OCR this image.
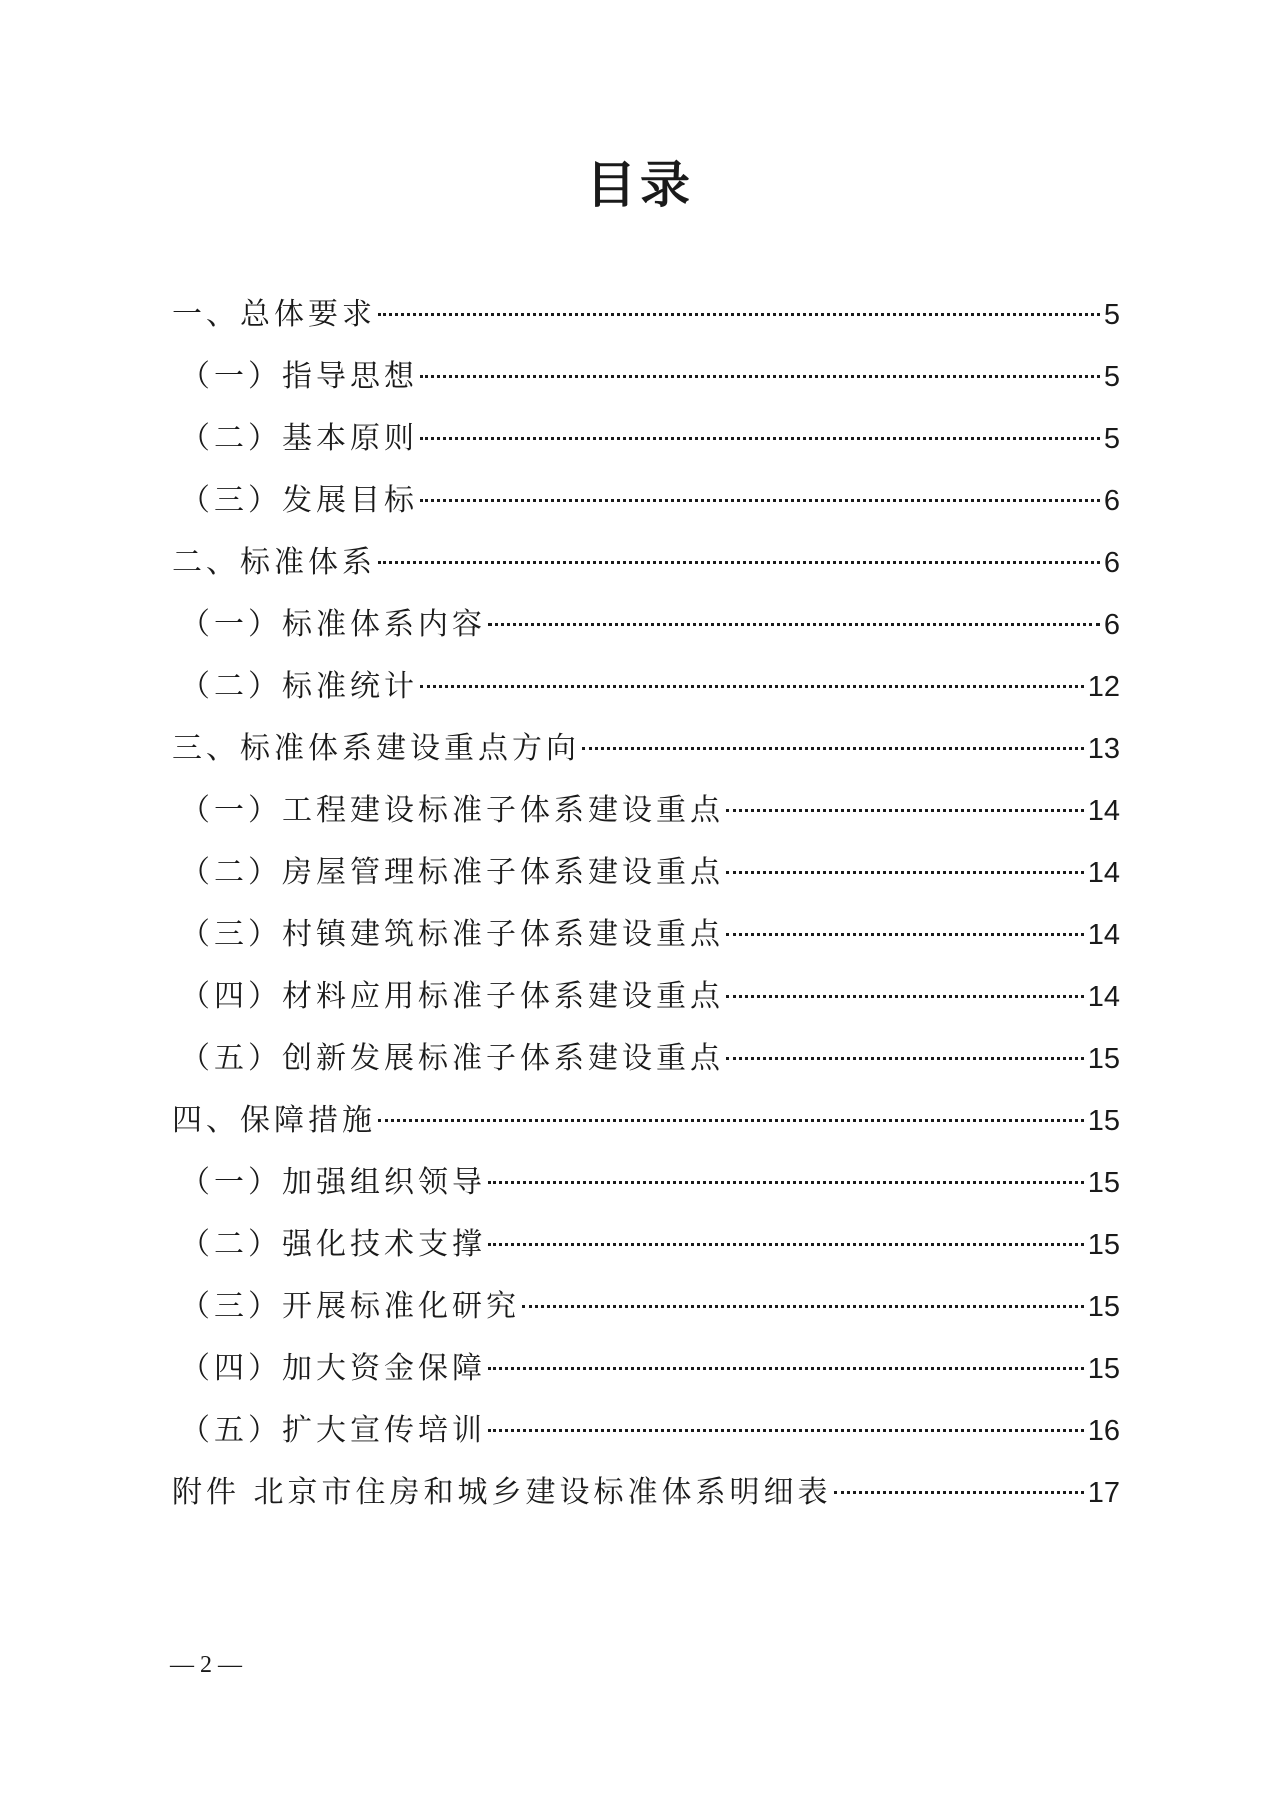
目录
一、总体要求	5
（一）指导思想	5
（二）基本原则	5
（三）发展目标	6
二、标准体系	6
（一）标准体系内容	6
（二）标准统计	12
三、标准体系建设重点方向	13
（一）工程建设标准子体系建设重点	14
（二）房屋管理标准子体系建设重点	14
（三）村镇建筑标准子体系建设重点	14
（四）材料应用标准子体系建设重点	14
（五）创新发展标准子体系建设重点	15
四、保障措施	15
（一）加强组织领导	15
（二）强化技术支撑	15
（三）开展标准化研究	15
（四）加大资金保障	15
（五）扩大宣传培训	16
附件 北京市住房和城乡建设标准体系明细表	17
— 2 —
